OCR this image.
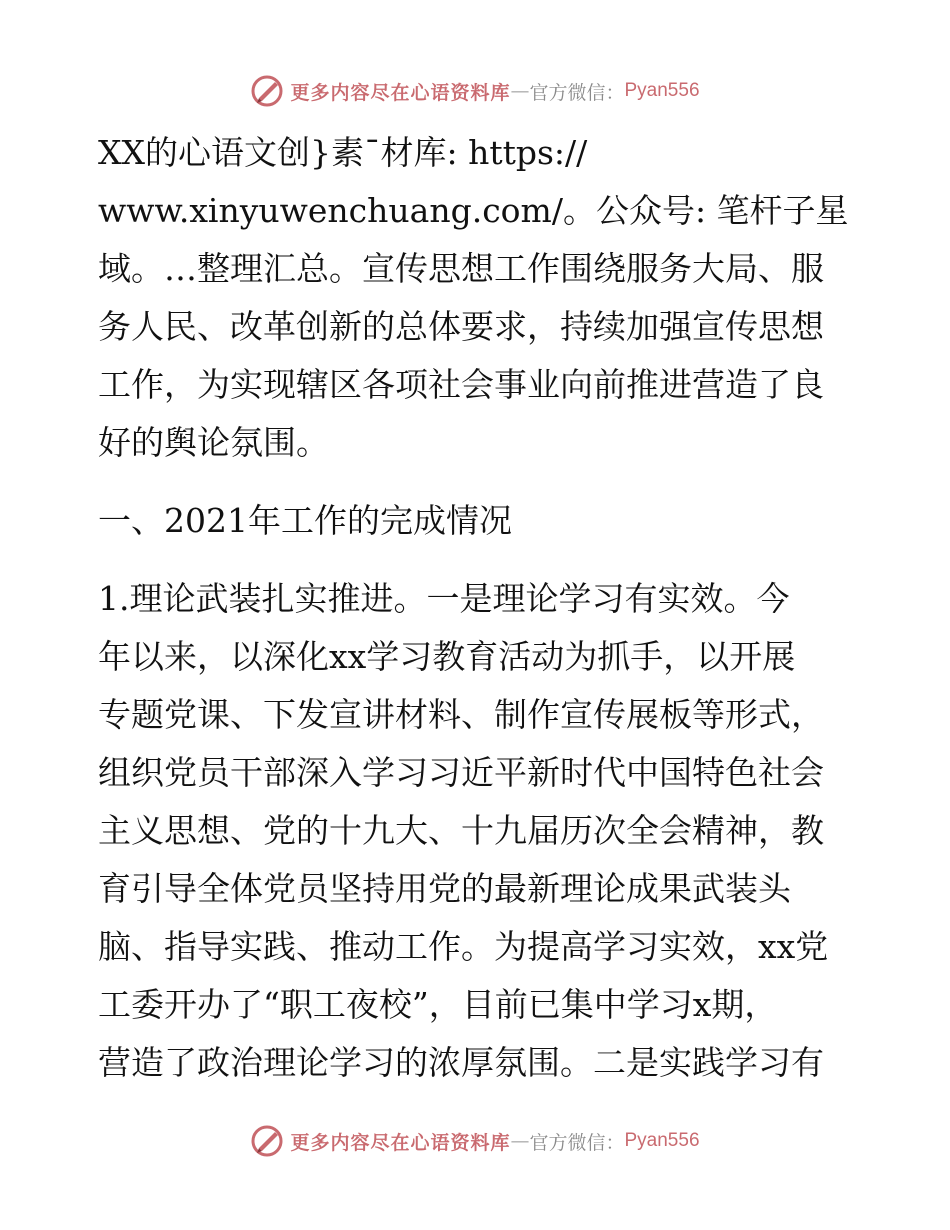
更多内容尽在心语资料库 — 官方微信： Pyan556
XX的心语文创}素¯材库: https://
www.xinyuwenchuang.com/。公众号: 笔杆子星
域。…整理汇总。宣传思想工作围绕服务大局、服
务人民、改革创新的总体要求，持续加强宣传思想
工作，为实现辖区各项社会事业向前推进营造了良
好的舆论氛围。
一、2021年工作的完成情况
1.理论武装扎实推进。一是理论学习有实效。今
年以来，以深化xx学习教育活动为抓手，以开展
专题党课、下发宣讲材料、制作宣传展板等形式，
组织党员干部深入学习习近平新时代中国特色社会
主义思想、党的十九大、十九届历次全会精神，教
育引导全体党员坚持用党的最新理论成果武装头
脑、指导实践、推动工作。为提高学习实效，xx党
工委开办了“职工夜校”，目前已集中学习x期，
营造了政治理论学习的浓厚氛围。二是实践学习有
更多内容尽在心语资料库 — 官方微信： Pyan556
